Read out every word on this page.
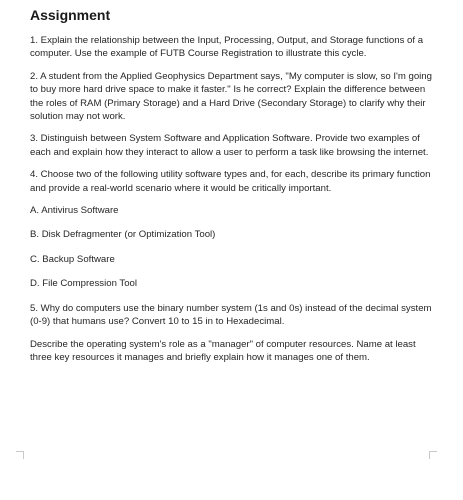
Assignment

1. Explain the relationship between the Input, Processing, Output, and Storage functions of a computer. Use the example of FUTB Course Registration to illustrate this cycle.

2. A student from the Applied Geophysics Department says, "My computer is slow, so I'm going to buy more hard drive space to make it faster." Is he correct? Explain the difference between the roles of RAM (Primary Storage) and a Hard Drive (Secondary Storage) to clarify why their solution may not work.

3. Distinguish between System Software and Application Software. Provide two examples of each and explain how they interact to allow a user to perform a task like browsing the internet.

4. Choose two of the following utility software types and, for each, describe its primary function and provide a real-world scenario where it would be critically important.

A. Antivirus Software

B. Disk Defragmenter (or Optimization Tool)

C. Backup Software

D. File Compression Tool

5. Why do computers use the binary number system (1s and 0s) instead of the decimal system (0-9) that humans use? Convert 10 to 15 in to Hexadecimal.

Describe the operating system's role as a "manager" of computer resources. Name at least three key resources it manages and briefly explain how it manages one of them.
